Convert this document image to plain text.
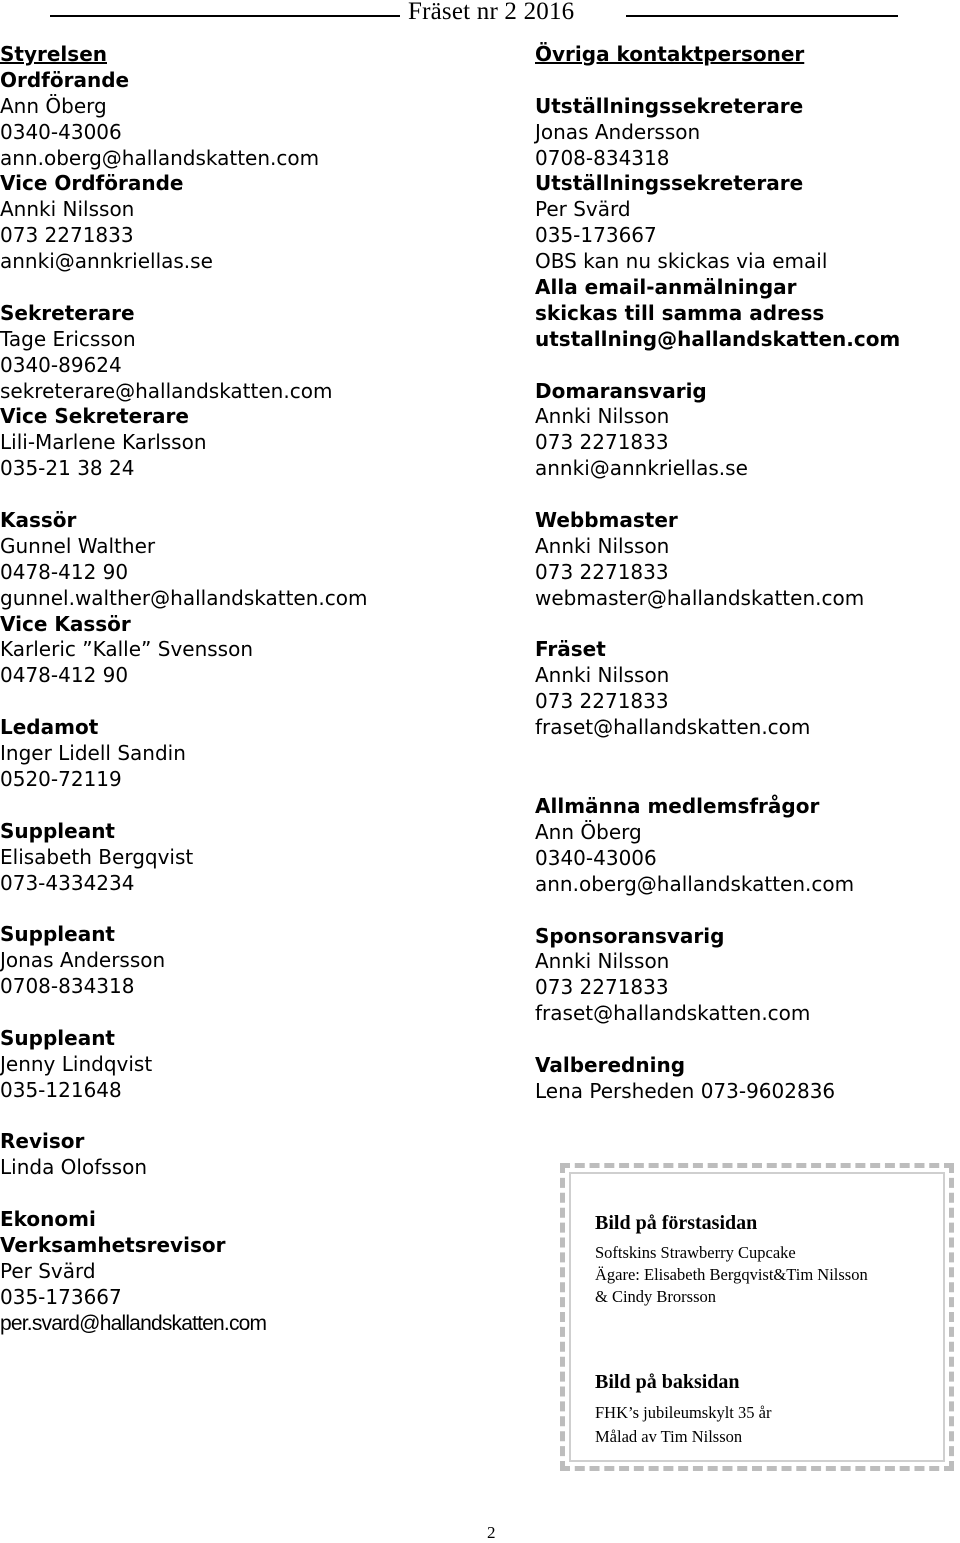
Fräset nr 2 2016
Styrelsen
Ordförande
Ann Öberg
0340-43006
ann.oberg@hallandskatten.com
Vice Ordförande
Annki Nilsson
073 2271833
annki@annkriellas.se
Sekreterare
Tage Ericsson
0340-89624
sekreterare@hallandskatten.com
Vice Sekreterare
Lili-Marlene Karlsson
035-21 38 24
Kassör
Gunnel Walther
0478-412 90
gunnel.walther@hallandskatten.com
Vice Kassör
Karleric ”Kalle” Svensson
0478-412 90
Ledamot
Inger Lidell Sandin
0520-72119
Suppleant
Elisabeth Bergqvist
073-4334234
Suppleant
Jonas Andersson
0708-834318
Suppleant
Jenny Lindqvist
035-121648
Revisor
Linda Olofsson
Ekonomi
Verksamhetsrevisor
Per Svärd
035-173667
per.svard@hallandskatten.com
Övriga kontaktpersoner
Utställningssekreterare
Jonas Andersson
0708-834318
Utställningssekreterare
Per Svärd
035-173667
OBS kan nu skickas via email
Alla email-anmälningar
skickas till samma adress
utstallning@hallandskatten.com
Domaransvarig
Annki Nilsson
073 2271833
annki@annkriellas.se
Webbmaster
Annki Nilsson
073 2271833
webmaster@hallandskatten.com
Fräset
Annki Nilsson
073 2271833
fraset@hallandskatten.com
Allmänna medlemsfrågor
Ann Öberg
0340-43006
ann.oberg@hallandskatten.com
Sponsoransvarig
Annki Nilsson
073 2271833
fraset@hallandskatten.com
Valberedning
Lena Persheden 073-9602836
Bild på förstasidan
Softskins Strawberry Cupcake
Ägare: Elisabeth Bergqvist&Tim Nilsson
& Cindy Brorsson
Bild på baksidan
FHK’s jubileumskylt 35 år
Målad av Tim Nilsson
2
